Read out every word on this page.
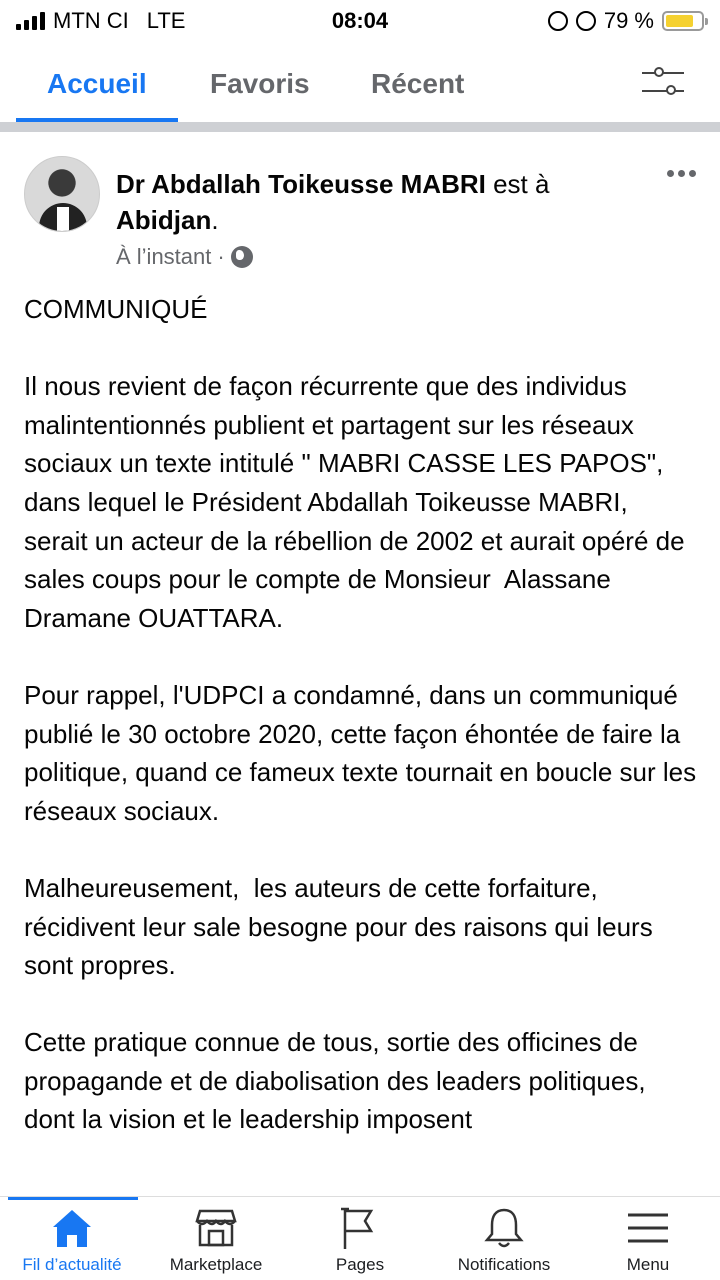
MTN CI LTE	08:04	79 %
Accueil Favoris Récent
Dr Abdallah Toikeusse MABRI est à Abidjan.
À l’instant ·

COMMUNIQUÉ

Il nous revient de façon récurrente que des individus  malintentionnés publient et partagent sur les réseaux sociaux un texte intitulé " MABRI CASSE LES PAPOS", dans lequel le Président Abdallah Toikeusse MABRI,  serait un acteur de la rébellion de 2002 et aurait opéré de sales coups pour le compte de Monsieur  Alassane Dramane OUATTARA.

Pour rappel, l'UDPCI a condamné, dans un communiqué publié le 30 octobre 2020, cette façon éhontée de faire la politique, quand ce fameux texte tournait en boucle sur les réseaux sociaux.

Malheureusement,  les auteurs de cette forfaiture, récidivent leur sale besogne pour des raisons qui leurs sont propres.

Cette pratique connue de tous, sortie des officines de propagande et de diabolisation des leaders politiques,  dont la vision et le leadership imposent

Fil d’actualité	Marketplace	Pages	Notifications	Menu
